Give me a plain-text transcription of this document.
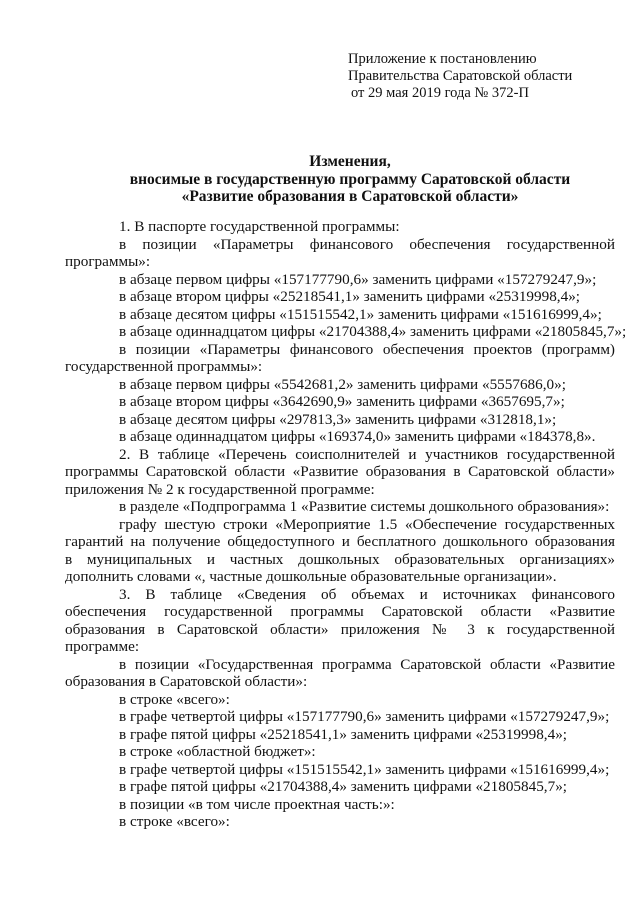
Приложение к постановлению
Правительства Саратовской области
от 29 мая 2019 года № 372-П
Изменения,
вносимые в государственную программу Саратовской области
«Развитие образования в Саратовской области»
1. В паспорте государственной программы:
в позиции «Параметры финансового обеспечения государственной
программы»:
в абзаце первом цифры «157177790,6» заменить цифрами «157279247,9»;
в абзаце втором цифры «25218541,1» заменить цифрами «25319998,4»;
в абзаце десятом цифры «151515542,1» заменить цифрами «151616999,4»;
в абзаце одиннадцатом цифры «21704388,4» заменить цифрами «21805845,7»;
в позиции «Параметры финансового обеспечения проектов (программ)
государственной программы»:
в абзаце первом цифры «5542681,2» заменить цифрами «5557686,0»;
в абзаце втором цифры «3642690,9» заменить цифрами «3657695,7»;
в абзаце десятом цифры «297813,3» заменить цифрами «312818,1»;
в абзаце одиннадцатом цифры «169374,0» заменить цифрами «184378,8».
2. В таблице «Перечень соисполнителей и участников государственной
программы Саратовской области «Развитие образования в Саратовской области»
приложения № 2 к государственной программе:
в разделе «Подпрограмма 1 «Развитие системы дошкольного образования»:
графу шестую строки «Мероприятие 1.5 «Обеспечение государственных
гарантий на получение общедоступного и бесплатного дошкольного образования
в муниципальных и частных дошкольных образовательных организациях»
дополнить словами «, частные дошкольные образовательные организации».
3. В таблице «Сведения об объемах и источниках финансового
обеспечения государственной программы Саратовской области «Развитие
образования в Саратовской области» приложения № 3 к государственной
программе:
в позиции «Государственная программа Саратовской области «Развитие
образования в Саратовской области»:
в строке «всего»:
в графе четвертой цифры «157177790,6» заменить цифрами «157279247,9»;
в графе пятой цифры «25218541,1» заменить цифрами «25319998,4»;
в строке «областной бюджет»:
в графе четвертой цифры «151515542,1» заменить цифрами «151616999,4»;
в графе пятой цифры «21704388,4» заменить цифрами «21805845,7»;
в позиции «в том числе проектная часть:»:
в строке «всего»:
